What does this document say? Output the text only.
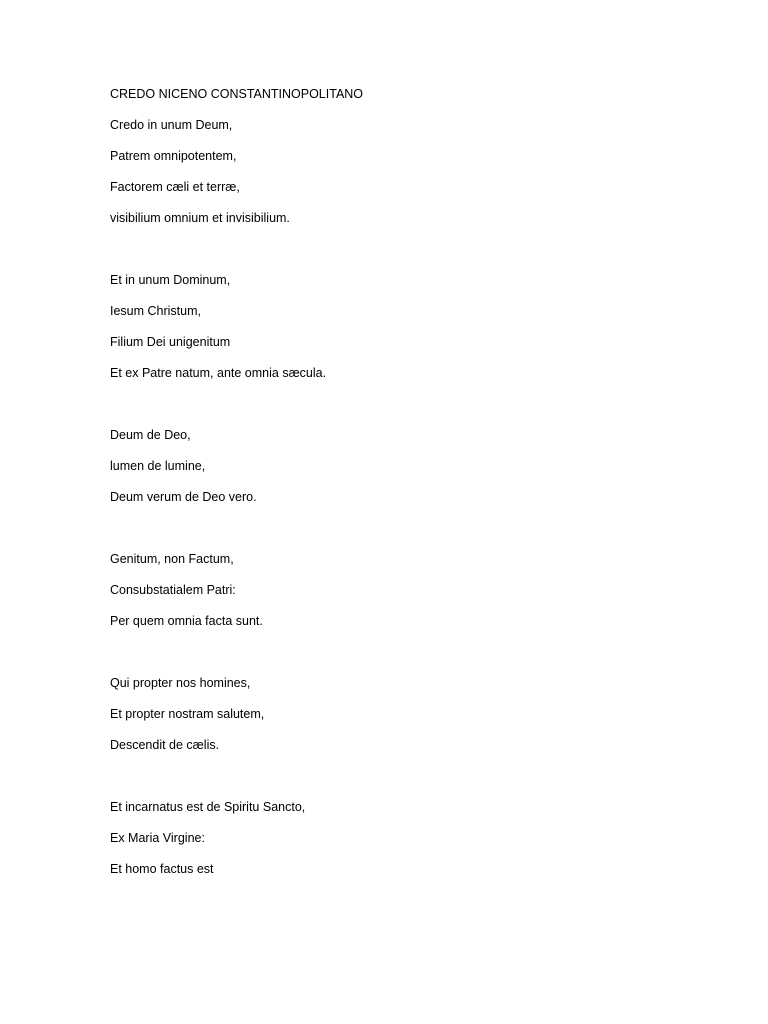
CREDO NICENO CONSTANTINOPOLITANO
Credo in unum Deum,
Patrem omnipotentem,
Factorem cæli et terræ,
visibilium omnium et invisibilium.
Et in unum Dominum,
Iesum Christum,
Filium Dei unigenitum
Et ex Patre natum, ante omnia sæcula.
Deum de Deo,
lumen de lumine,
Deum verum de Deo vero.
Genitum, non Factum,
Consubstatialem Patri:
Per quem omnia facta sunt.
Qui propter nos homines,
Et propter nostram salutem,
Descendit de cælis.
Et incarnatus est de Spiritu Sancto,
Ex Maria Virgine:
Et homo factus est
